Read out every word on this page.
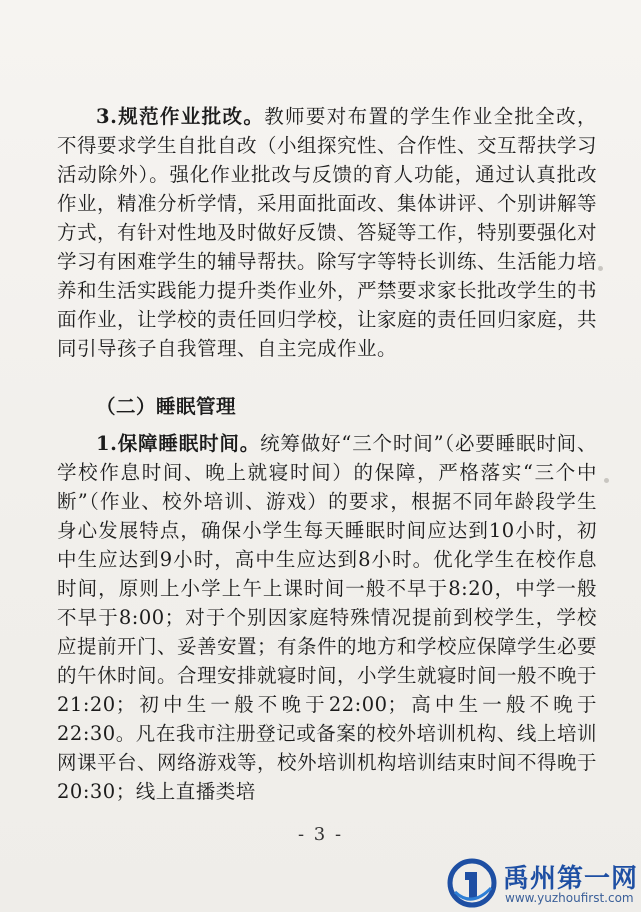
3.规范作业批改。教师要对布置的学生作业全批全改，不得要求学生自批自改（小组探究性、合作性、交互帮扶学习活动除外）。强化作业批改与反馈的育人功能，通过认真批改作业，精准分析学情，采用面批面改、集体讲评、个别讲解等方式，有针对性地及时做好反馈、答疑等工作，特别要强化对学习有困难学生的辅导帮扶。除写字等特长训练、生活能力培养和生活实践能力提升类作业外，严禁要求家长批改学生的书面作业，让学校的责任回归学校，让家庭的责任回归家庭，共同引导孩子自我管理、自主完成作业。

（二）睡眠管理

1.保障睡眠时间。统筹做好“三个时间”（必要睡眠时间、学校作息时间、晚上就寝时间）的保障，严格落实“三个中断”（作业、校外培训、游戏）的要求，根据不同年龄段学生身心发展特点，确保小学生每天睡眠时间应达到10小时，初中生应达到9小时，高中生应达到8小时。优化学生在校作息时间，原则上小学上午上课时间一般不早于8:20，中学一般不早于8:00；对于个别因家庭特殊情况提前到校学生，学校应提前开门、妥善安置；有条件的地方和学校应保障学生必要的午休时间。合理安排就寝时间，小学生就寝时间一般不晚于21:20；初中生一般不晚于22:00；高中生一般不晚于22:30。凡在我市注册登记或备案的校外培训机构、线上培训网课平台、网络游戏等，校外培训机构培训结束时间不得晚于20:30；线上直播类培

- 3 -
禹州第一网
www.yuzhoufirst.com
